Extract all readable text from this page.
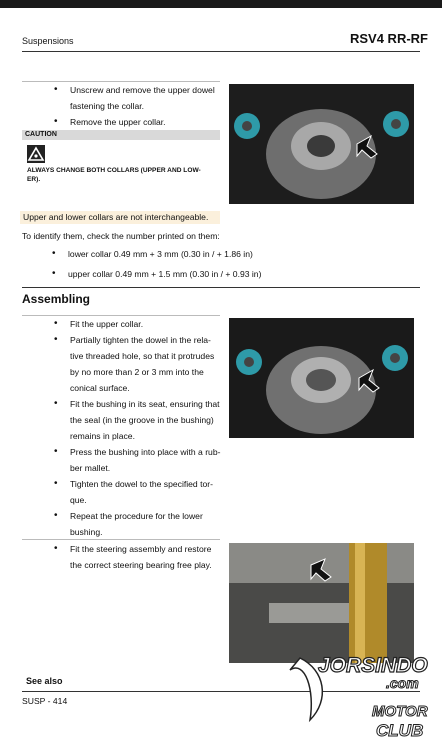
Suspensions	RSV4 RR-RF
• Unscrew and remove the upper dowel
fastening the collar.
• Remove the upper collar.
CAUTION
ALWAYS CHANGE BOTH COLLARS (UPPER AND LOW-
ER).
Upper and lower collars are not interchangeable.
To identify them, check the number printed on them:
• lower collar 0.49 mm + 3 mm (0.30 in / + 1.86 in)
• upper collar 0.49 mm + 1.5 mm (0.30 in / + 0.93 in)
Assembling
• Fit the upper collar.
• Partially tighten the dowel in the rela-
tive threaded hole, so that it protrudes
by no more than 2 or 3 mm into the
conical surface.
• Fit the bushing in its seat, ensuring that
the seal (in the groove in the bushing)
remains in place.
• Press the bushing into place with a rub-
ber mallet.
• Tighten the dowel to the specified tor-
que.
• Repeat the procedure for the lower
bushing.
• Fit the steering assembly and restore
the correct steering bearing free play.
See also
SUSP - 414
JORSINDO
.com
MOTOR
CLUB
